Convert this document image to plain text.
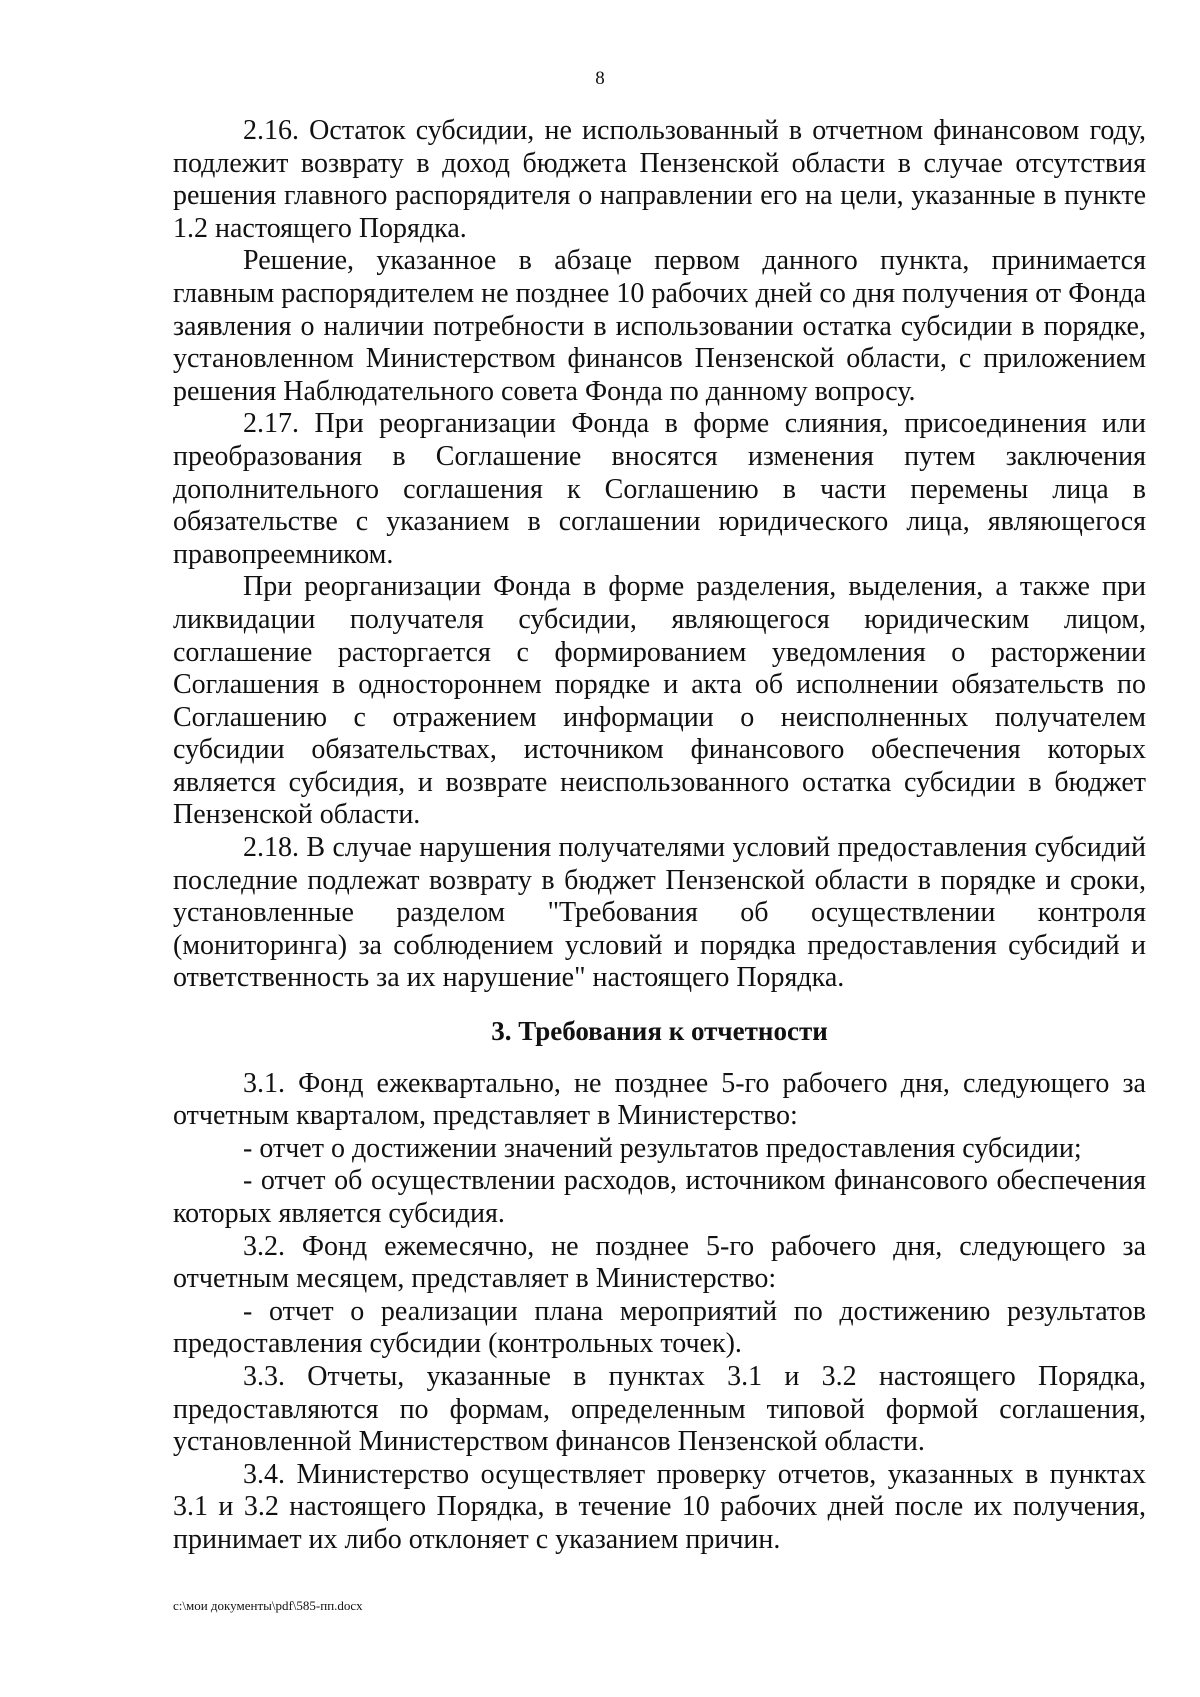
8

2.16. Остаток субсидии, не использованный в отчетном финансовом году, подлежит возврату в доход бюджета Пензенской области в случае отсутствия решения главного распорядителя о направлении его на цели, указанные в пункте 1.2 настоящего Порядка.

Решение, указанное в абзаце первом данного пункта, принимается главным распорядителем не позднее 10 рабочих дней со дня получения от Фонда заявления о наличии потребности в использовании остатка субсидии в порядке, установленном Министерством финансов Пензенской области, с приложением решения Наблюдательного совета Фонда по данному вопросу.

2.17. При реорганизации Фонда в форме слияния, присоединения или преобразования в Соглашение вносятся изменения путем заключения дополнительного соглашения к Соглашению в части перемены лица в обязательстве с указанием в соглашении юридического лица, являющегося правопреемником.

При реорганизации Фонда в форме разделения, выделения, а также при ликвидации получателя субсидии, являющегося юридическим лицом, соглашение расторгается с формированием уведомления о расторжении Соглашения в одностороннем порядке и акта об исполнении обязательств по Соглашению с отражением информации о неисполненных получателем субсидии обязательствах, источником финансового обеспечения которых является субсидия, и возврате неиспользованного остатка субсидии в бюджет Пензенской области.

2.18. В случае нарушения получателями условий предоставления субсидий последние подлежат возврату в бюджет Пензенской области в порядке и сроки, установленные разделом "Требования об осуществлении контроля (мониторинга) за соблюдением условий и порядка предоставления субсидий и ответственность за их нарушение" настоящего Порядка.

3. Требования к отчетности

3.1. Фонд ежеквартально, не позднее 5-го рабочего дня, следующего за отчетным кварталом, представляет в Министерство:

- отчет о достижении значений результатов предоставления субсидии;

- отчет об осуществлении расходов, источником финансового обеспечения которых является субсидия.

3.2. Фонд ежемесячно, не позднее 5-го рабочего дня, следующего за отчетным месяцем, представляет в Министерство:

- отчет о реализации плана мероприятий по достижению результатов предоставления субсидии (контрольных точек).

3.3. Отчеты, указанные в пунктах 3.1 и 3.2 настоящего Порядка, предоставляются по формам, определенным типовой формой соглашения, установленной Министерством финансов Пензенской области.

3.4. Министерство осуществляет проверку отчетов, указанных в пунктах 3.1 и 3.2 настоящего Порядка, в течение 10 рабочих дней после их получения, принимает их либо отклоняет с указанием причин.

c:\мои документы\pdf\585-пп.docx
